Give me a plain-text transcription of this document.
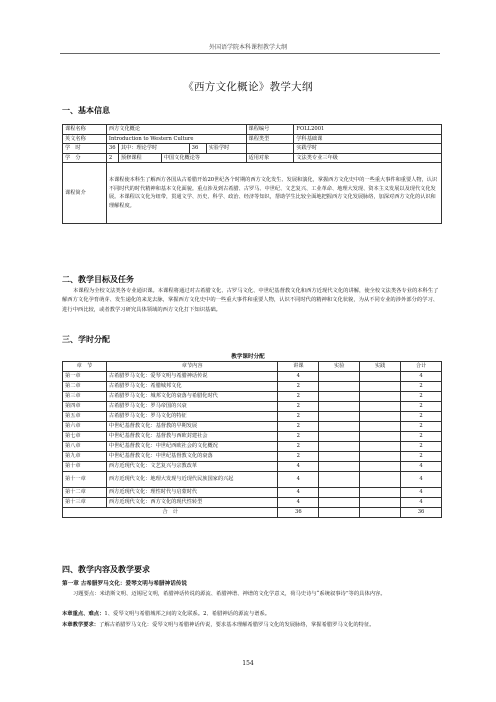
外国语学院本科课程教学大纲
《西方文化概论》教学大纲
一、基本信息
课程名称	西方文化概论					课程编号	FOLL2001
英文名称	Introduction to Western Culture					课程类型	学科基础课
学　时	36	其中：理论学时		36	实验学时		实践学时
学　分	2	预修课程	中国文化概论等			适用对象	文法类专业三年级
课程简介	本课程使本科生了解西方各国从古希腊开始20世纪各个时期的西方文化发生、发展和演化，掌握西方文化史中的一些重大事件和重要人物，认识不同时代的时代精神和基本文化面貌。重点涉及到古希腊、古罗马、中世纪、文艺复兴、工业革命、地理大发现、资本主义发展以及现代文化发展。本课程以文化为纽带，贯通文学、历史、科学、政治、经济等知识，帮助学生比较全面地把握西方文化发展脉络，加深对西方文化的认识和理解程度。						
二、教学目标及任务
本课程为全校文法类各专业通识课。本课程将通过对古希腊文化、古罗马文化、中世纪基督教文化和西方近现代文化的讲解，使全校文法类各专业的本科生了解西方文化孕育萌芽、发生递化的来龙去脉，掌握西方文化史中的一些重大事件和重要人物，认识不同时代的精神和文化状貌，为从不同专业的涉外部分的学习、进行中西比较，或者教学习研究具体领域的西方文化打下知识基础。
三、学时分配
教学课时分配
章　节	章节内容	讲课	实验	实践	合计
第一章	古希腊罗马文化：爱琴文明与希腊神话传说	4			4
第二章	古希腊罗马文化：希腊城邦文化	2			2
第三章	古希腊罗马文化：城邦文化的衰落与希腊化时代	2			2
第四章	古希腊罗马文化：罗马帝国的兴衰	2			2
第五章	古希腊罗马文化：罗马文化的特征	2			2
第六章	中世纪基督教文化：基督教的早期发展	2			2
第七章	中世纪基督教文化：基督教与西欧封建社会	2			2
第八章	中世纪基督教文化：中世纪西欧社会的文化概况	2			2
第九章	中世纪基督教文化：中世纪基督教文化的衰落	2			2
第十章	西方近现代文化：文艺复兴与宗教改革	4			4
第十一章	西方近现代文化：地理大发现与近现代民族国家的兴起	4			4
第十二章	西方近现代文化：理性时代与启蒙时代	4			4
第十三章	西方近现代文化：西方文化的现代性转型	4			4
合　计		36			36
四、教学内容及教学要求
第一章 古希腊罗马文化：爱琴文明与希腊神话传说
习题要点：米诺斯文明、迈锡尼文明，希腊神话传说的源流、希腊神谱、神谱的文化学意义，荷马史诗与“系统叙事诗”等的具体内容。
本章重点、难点：1、爱琴文明与希腊城邦之间的文化联系。2、希腊神话的源流与谱系。
本章教学要求：了解古希腊罗马文化：爱琴文明与希腊神话传说，要求基本理解希腊罗马文化的发展脉络，掌握希腊罗马文化的特征。
154
